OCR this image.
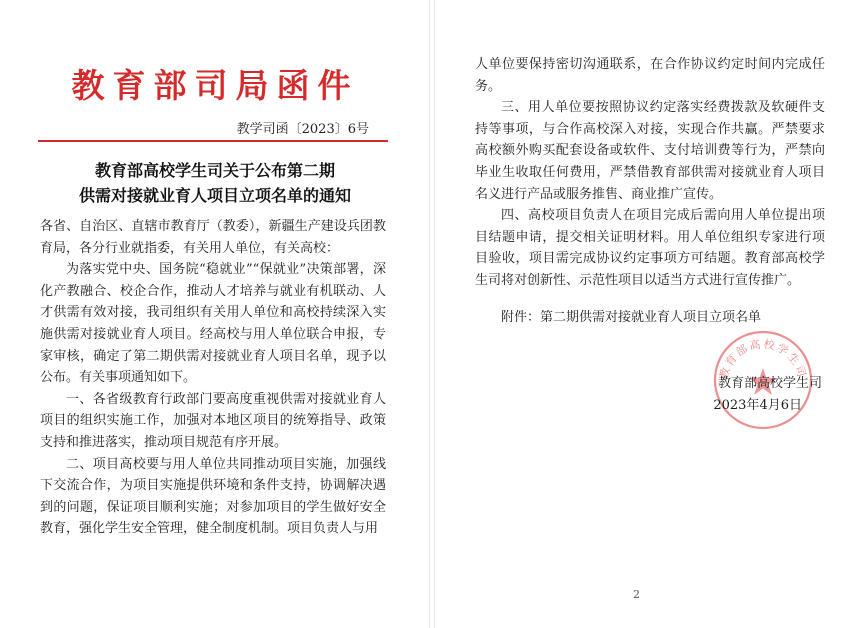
教育部司局函件
教学司函〔2023〕6号
教育部高校学生司关于公布第二期
供需对接就业育人项目立项名单的通知

各省、自治区、直辖市教育厅（教委），新疆生产建设兵团教育局，各分行业就指委，有关用人单位，有关高校：

为落实党中央、国务院“稳就业”“保就业”决策部署，深化产教融合、校企合作，推动人才培养与就业有机联动、人才供需有效对接，我司组织有关用人单位和高校持续深入实施供需对接就业育人项目。经高校与用人单位联合申报，专家审核，确定了第二期供需对接就业育人项目名单，现予以公布。有关事项通知如下。

一、各省级教育行政部门要高度重视供需对接就业育人项目的组织实施工作，加强对本地区项目的统筹指导、政策支持和推进落实，推动项目规范有序开展。

二、项目高校要与用人单位共同推动项目实施，加强线下交流合作，为项目实施提供环境和条件支持，协调解决遇到的问题，保证项目顺利实施；对参加项目的学生做好安全教育，强化学生安全管理，健全制度机制。项目负责人与用

人单位要保持密切沟通联系，在合作协议约定时间内完成任务。

三、用人单位要按照协议约定落实经费拨款及软硬件支持等事项，与合作高校深入对接，实现合作共赢。严禁要求高校额外购买配套设备或软件、支付培训费等行为，严禁向毕业生收取任何费用，严禁借教育部供需对接就业育人项目名义进行产品或服务推售、商业推广宣传。

四、高校项目负责人在项目完成后需向用人单位提出项目结题申请，提交相关证明材料。用人单位组织专家进行项目验收，项目需完成协议约定事项方可结题。教育部高校学生司将对创新性、示范性项目以适当方式进行宣传推广。

附件：第二期供需对接就业育人项目立项名单
教育部高校学生司
教育部高校学生司
2023年4月6日
2
